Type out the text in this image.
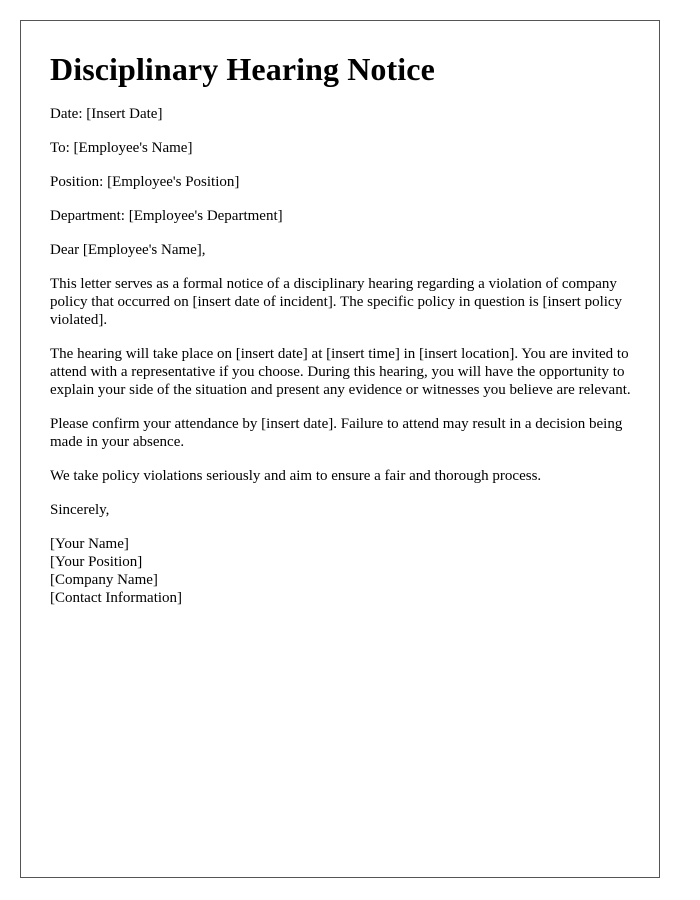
Disciplinary Hearing Notice

Date: [Insert Date]

To: [Employee's Name]

Position: [Employee's Position]

Department: [Employee's Department]

Dear [Employee's Name],

This letter serves as a formal notice of a disciplinary hearing regarding a violation of company policy that occurred on [insert date of incident]. The specific policy in question is [insert policy violated].

The hearing will take place on [insert date] at [insert time] in [insert location]. You are invited to attend with a representative if you choose. During this hearing, you will have the opportunity to explain your side of the situation and present any evidence or witnesses you believe are relevant.

Please confirm your attendance by [insert date]. Failure to attend may result in a decision being made in your absence.

We take policy violations seriously and aim to ensure a fair and thorough process.

Sincerely,

[Your Name]
[Your Position]
[Company Name]
[Contact Information]
